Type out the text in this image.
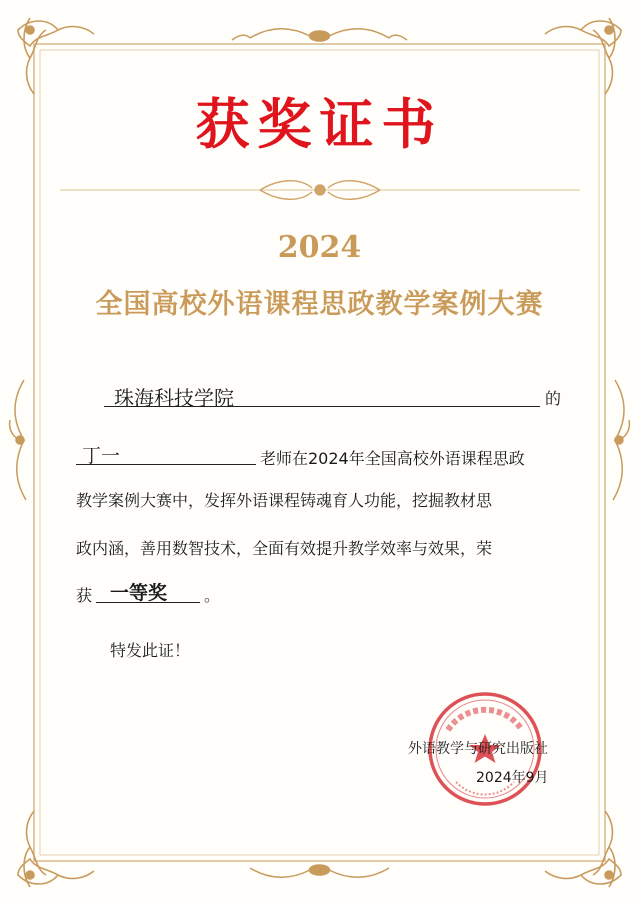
获奖证书
2024
全国高校外语课程思政教学案例大赛
珠海科技学院	的
丁一	老师在2024年全国高校外语课程思政
教学案例大赛中，发挥外语课程铸魂育人功能，挖掘教材思
政内涵，善用数智技术，全面有效提升教学效率与效果，荣
获 一等奖 。
特发此证！
外语教学与研究出版社
2024年9月
